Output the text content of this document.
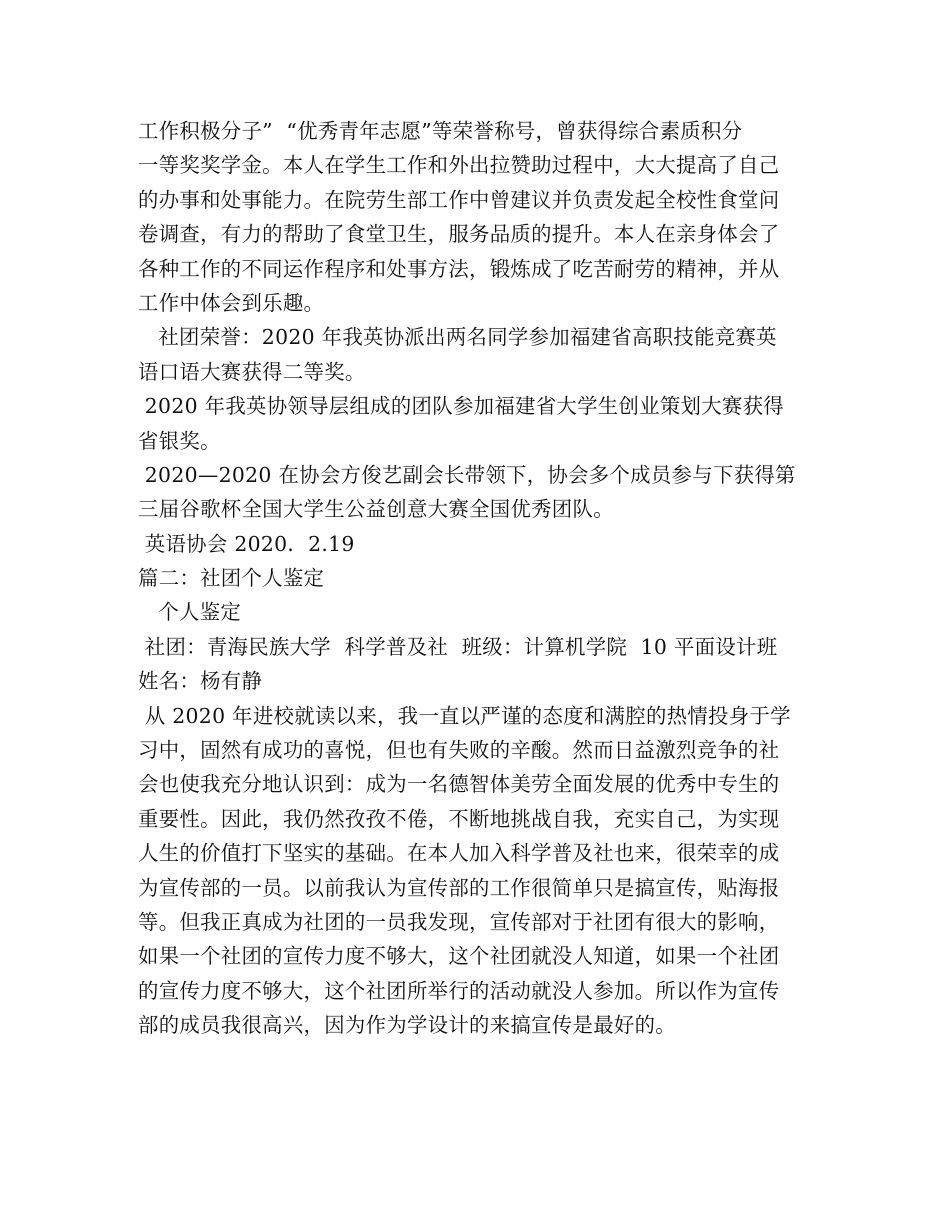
工作积极分子”  “优秀青年志愿”等荣誉称号，曾获得综合素质积分
一等奖奖学金。本人在学生工作和外出拉赞助过程中，大大提高了自己
的办事和处事能力。在院劳生部工作中曾建议并负责发起全校性食堂问
卷调查，有力的帮助了食堂卫生，服务品质的提升。本人在亲身体会了
各种工作的不同运作程序和处事方法，锻炼成了吃苦耐劳的精神，并从
工作中体会到乐趣。
社团荣誉：2020 年我英协派出两名同学参加福建省高职技能竞赛英
语口语大赛获得二等奖。
2020 年我英协领导层组成的团队参加福建省大学生创业策划大赛获得
省银奖。
2020—2020 在协会方俊艺副会长带领下，协会多个成员参与下获得第
三届谷歌杯全国大学生公益创意大赛全国优秀团队。
英语协会 2020．2.19
篇二：社团个人鉴定
个人鉴定
社团：青海民族大学  科学普及社  班级：计算机学院  10 平面设计班
姓名：杨有静
从 2020 年进校就读以来，我一直以严谨的态度和满腔的热情投身于学
习中，固然有成功的喜悦，但也有失败的辛酸。然而日益激烈竞争的社
会也使我充分地认识到：成为一名德智体美劳全面发展的优秀中专生的
重要性。因此，我仍然孜孜不倦，不断地挑战自我，充实自己，为实现
人生的价值打下坚实的基础。在本人加入科学普及社也来，很荣幸的成
为宣传部的一员。以前我认为宣传部的工作很简单只是搞宣传，贴海报
等。但我正真成为社团的一员我发现，宣传部对于社团有很大的影响，
如果一个社团的宣传力度不够大，这个社团就没人知道，如果一个社团
的宣传力度不够大，这个社团所举行的活动就没人参加。所以作为宣传
部的成员我很高兴，因为作为学设计的来搞宣传是最好的。
